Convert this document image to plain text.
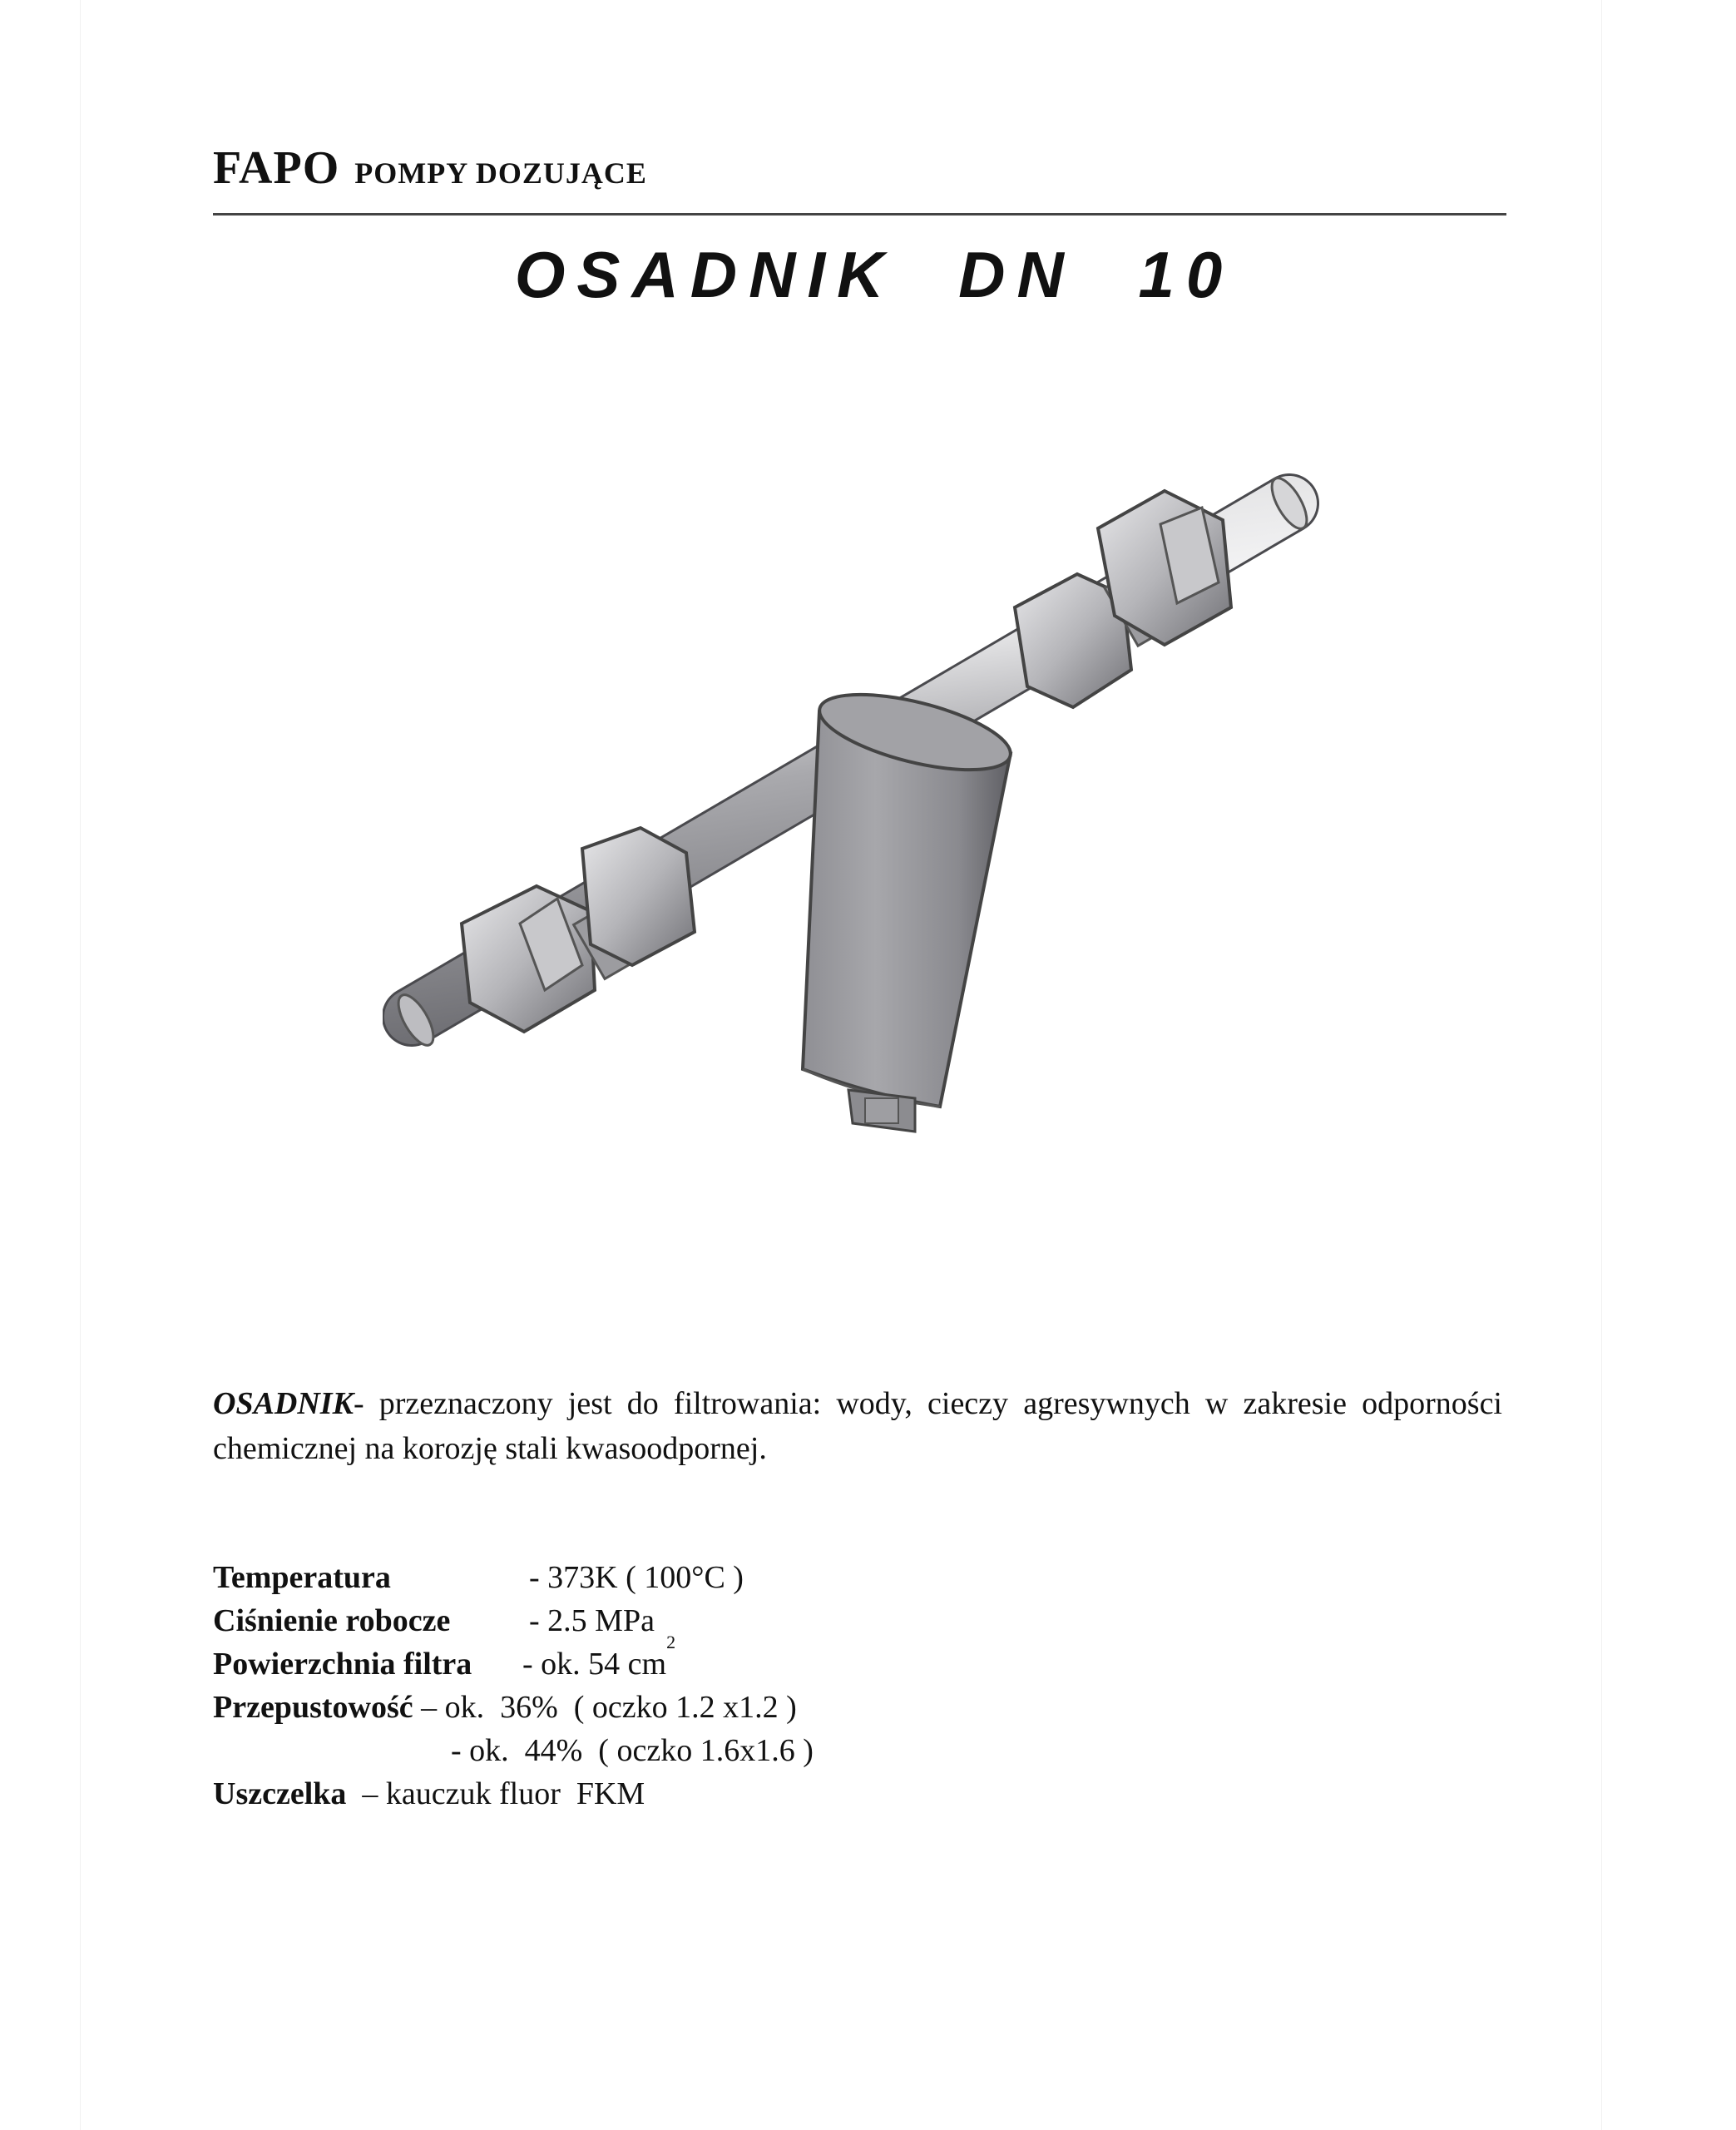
FAPO POMPY DOZUJĄCE
OSADNIK DN 10
OSADNIK- przeznaczony jest do filtrowania: wody, cieczy agresywnych w zakresie odporności chemicznej na korozję stali kwasoodpornej.
Temperatura	- 373K ( 100°C )
Ciśnienie robocze	- 2.5 MPa
Powierzchnia filtra	- ok. 54 cm
2
Przepustowość – ok.  36%  ( oczko 1.2 x1.2 )
- ok.  44%  ( oczko 1.6x1.6 )
Uszczelka – kauczuk fluor  FKM
